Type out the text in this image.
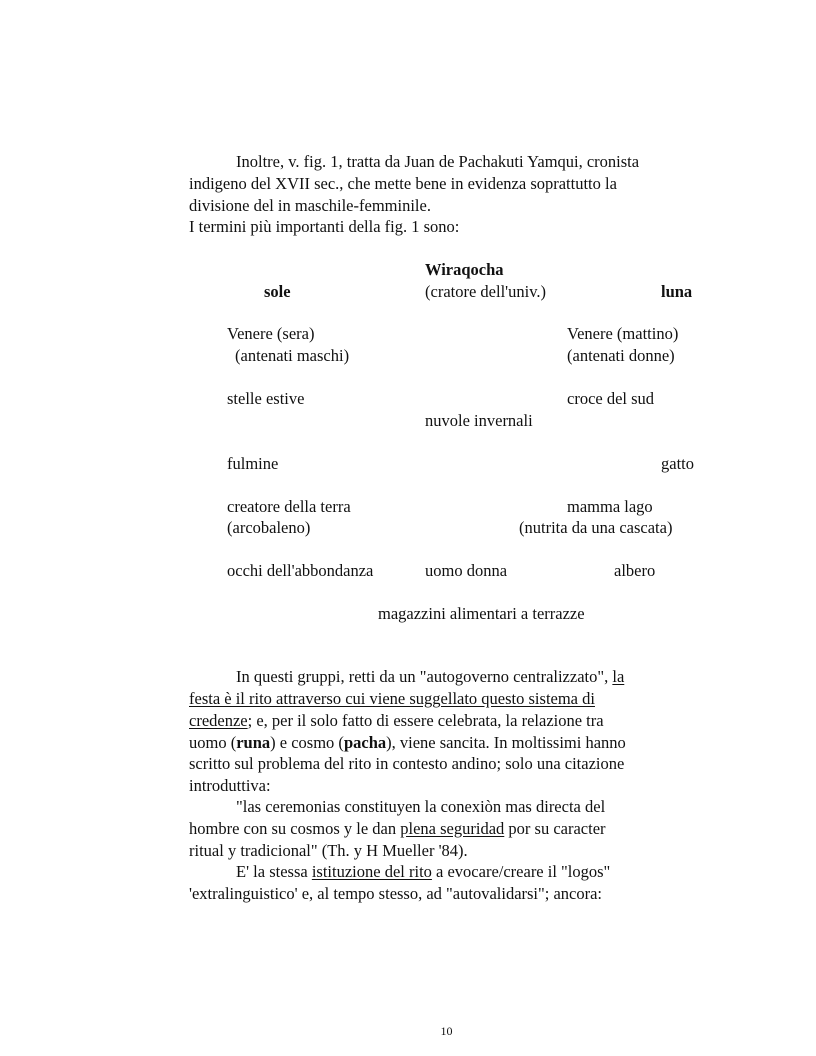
Inoltre, v. fig. 1, tratta da Juan de Pachakuti Yamqui, cronista
indigeno del XVII sec., che mette bene in evidenza soprattutto la
divisione del in maschile-femminile.
I termini più importanti della fig. 1 sono:
Wiraqocha
sole	(cratore dell'univ.)	luna
Venere (sera)	Venere (mattino)
(antenati maschi)	(antenati donne)
stelle estive	croce del sud
nuvole invernali
fulmine	gatto
creatore della terra	mamma lago
(arcobaleno)	(nutrita da una cascata)
occhi dell'abbondanza	uomo donna	albero
magazzini alimentari a terrazze
In questi gruppi, retti da un "autogoverno centralizzato", la
festa è il rito attraverso cui viene suggellato questo sistema di
credenze; e, per il solo fatto di essere celebrata, la relazione tra
uomo (runa) e cosmo (pacha), viene sancita. In moltissimi hanno
scritto sul problema del rito in contesto andino; solo una citazione
introduttiva:
"las ceremonias constituyen la conexiòn mas directa del
hombre con su cosmos y le dan plena seguridad por su caracter
ritual y tradicional" (Th. y H Mueller '84).
E' la stessa istituzione del rito a evocare/creare il "logos"
'extralinguistico' e, al tempo stesso, ad "autovalidarsi"; ancora:
10
